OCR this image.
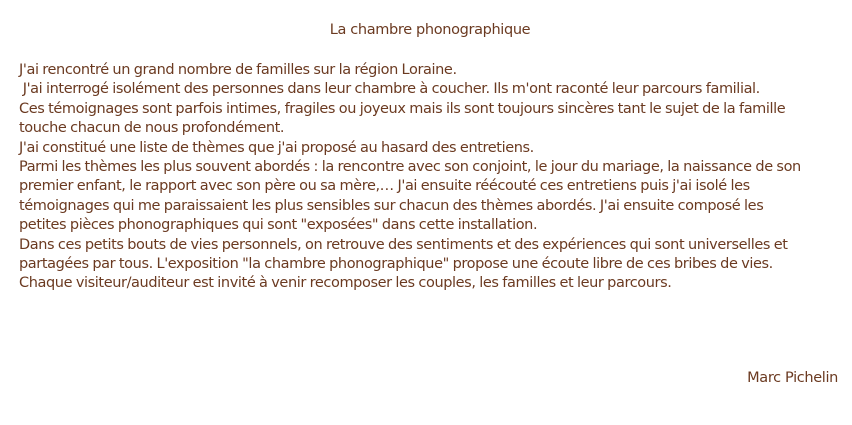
La chambre phonographique
J'ai rencontré un grand nombre de familles sur la région Loraine.
J'ai interrogé isolément des personnes dans leur chambre à coucher. Ils m'ont raconté leur parcours familial.
Ces témoignages sont parfois intimes, fragiles ou joyeux mais ils sont toujours sincères tant le sujet de la famille
touche chacun de nous profondément.
J'ai constitué une liste de thèmes que j'ai proposé au hasard des entretiens.
Parmi les thèmes les plus souvent abordés : la rencontre avec son conjoint, le jour du mariage, la naissance de son
premier enfant, le rapport avec son père ou sa mère,… J'ai ensuite réécouté ces entretiens puis j'ai isolé les
témoignages qui me paraissaient les plus sensibles sur chacun des thèmes abordés. J'ai ensuite composé les
petites pièces phonographiques qui sont "exposées" dans cette installation.
Dans ces petits bouts de vies personnels, on retrouve des sentiments et des expériences qui sont universelles et
partagées par tous. L'exposition "la chambre phonographique" propose une écoute libre de ces bribes de vies.
Chaque visiteur/auditeur est invité à venir recomposer les couples, les familles et leur parcours.
Marc Pichelin
